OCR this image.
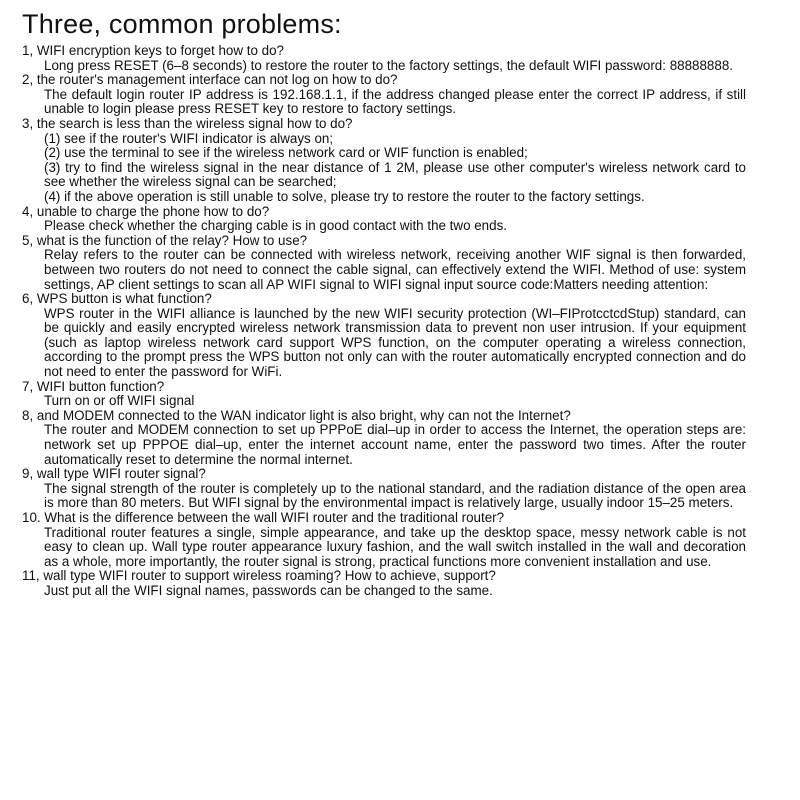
Three, common problems:

1, WIFI encryption keys to forget how to do?

Long press RESET (6–8 seconds) to restore the router to the factory settings, the default WIFI password: 88888888.

2, the router's management interface can not log on how to do?

The default login router IP address is 192.168.1.1, if the address changed please enter the correct IP address, if still unable to login please press RESET key to restore to factory settings.

3, the search is less than the wireless signal how to do?

(1) see if the router's WIFI indicator is always on;

(2) use the terminal to see if the wireless network card or WIF function is enabled;

(3) try to find the wireless signal in the near distance of 1 2M, please use other computer's wireless network card to see whether the wireless signal can be searched;

(4) if the above operation is still unable to solve, please try to restore the router to the factory settings.

4, unable to charge the phone how to do?

Please check whether the charging cable is in good contact with the two ends.

5, what is the function of the relay? How to use?

Relay refers to the router can be connected with wireless network, receiving another WIF signal is then forwarded, between two routers do not need to connect the cable signal, can effectively extend the WIFI. Method of use: system settings, AP client settings to scan all AP WIFI signal to WIFI signal input source code:Matters needing attention:

6, WPS button is what function?

WPS router in the WIFI alliance is launched by the new WIFI security protection (WI–FIProtcctcdStup) standard, can be quickly and easily encrypted wireless network transmission data to prevent non user intrusion. If your equipment (such as laptop wireless network card support WPS function, on the computer operating a wireless connection, according to the prompt press the WPS button not only can with the router automatically encrypted connection and do not need to enter the password for WiFi.

7, WIFI button function?

Turn on or off WIFI signal

8, and MODEM connected to the WAN indicator light is also bright, why can not the Internet?

The router and MODEM connection to set up PPPoE dial–up in order to access the Internet, the operation steps are: network set up PPPOE dial–up, enter the internet account name, enter the password two times. After the router automatically reset to determine the normal internet.

9, wall type WIFI router signal?

The signal strength of the router is completely up to the national standard, and the radiation distance of the open area is more than 80 meters. But WIFI signal by the environmental impact is relatively large, usually indoor 15–25 meters.

10. What is the difference between the wall WIFI router and the traditional router?

Traditional router features a single, simple appearance, and take up the desktop space, messy network cable is not easy to clean up. Wall type router appearance luxury fashion, and the wall switch installed in the wall and decoration as a whole, more importantly, the router signal is strong, practical functions more convenient installation and use.

11, wall type WIFI router to support wireless roaming? How to achieve, support?

Just put all the WIFI signal names, passwords can be changed to the same.
